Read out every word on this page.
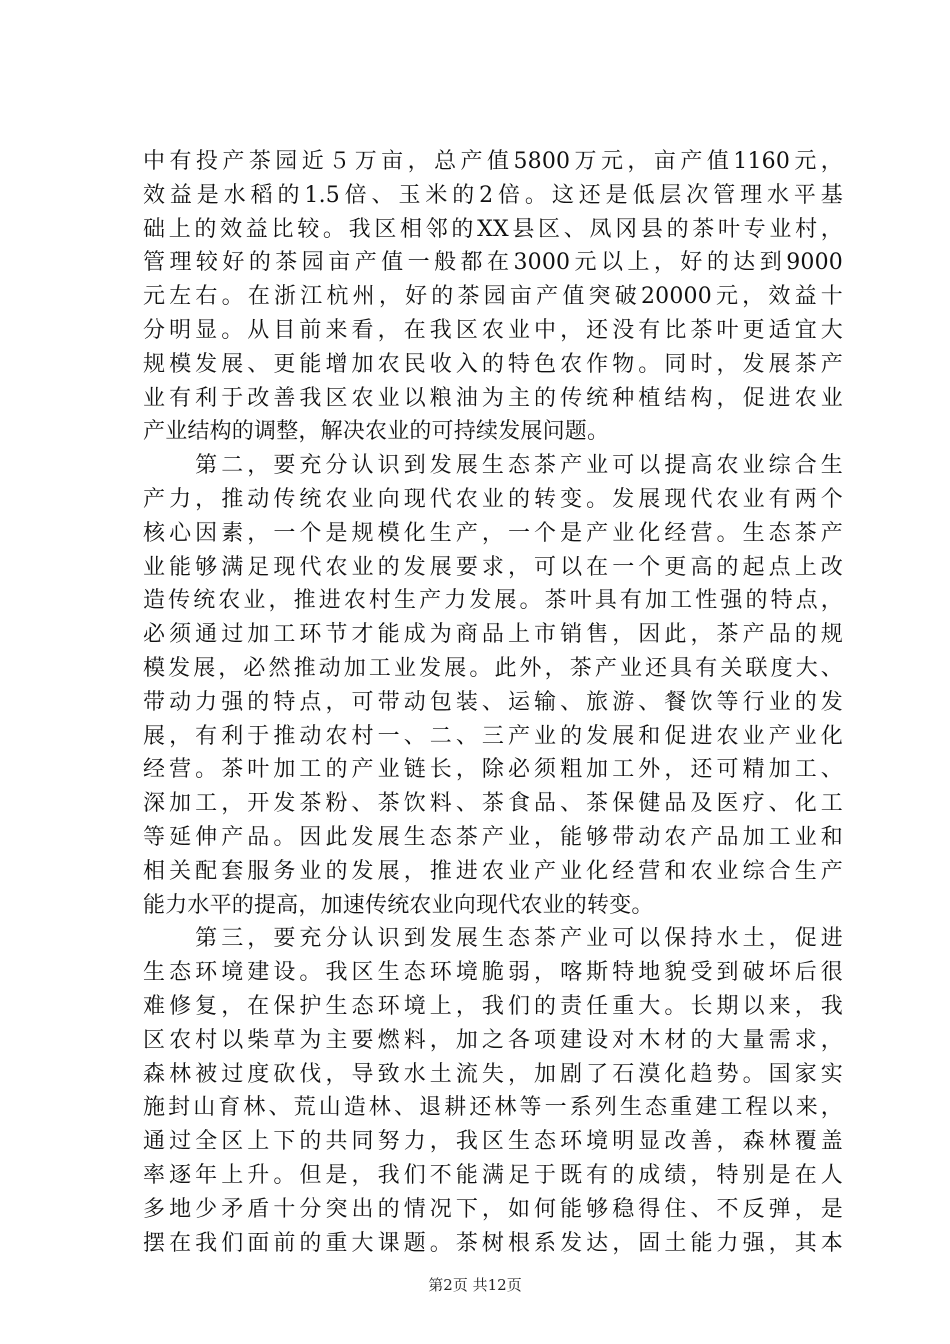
中有投产茶园近５万亩，总产值5800万元，亩产值1160元，
效益是水稻的1.5倍、玉米的2倍。这还是低层次管理水平基
础上的效益比较。我区相邻的XX县区、凤冈县的茶叶专业村，
管理较好的茶园亩产值一般都在3000元以上，好的达到9000
元左右。在浙江杭州，好的茶园亩产值突破20000元，效益十
分明显。从目前来看，在我区农业中，还没有比茶叶更适宜大
规模发展、更能增加农民收入的特色农作物。同时，发展茶产
业有利于改善我区农业以粮油为主的传统种植结构，促进农业
产业结构的调整，解决农业的可持续发展问题。
　　第二，要充分认识到发展生态茶产业可以提高农业综合生
产力，推动传统农业向现代农业的转变。发展现代农业有两个
核心因素，一个是规模化生产，一个是产业化经营。生态茶产
业能够满足现代农业的发展要求，可以在一个更高的起点上改
造传统农业，推进农村生产力发展。茶叶具有加工性强的特点，
必须通过加工环节才能成为商品上市销售，因此，茶产品的规
模发展，必然推动加工业发展。此外，茶产业还具有关联度大、
带动力强的特点，可带动包装、运输、旅游、餐饮等行业的发
展，有利于推动农村一、二、三产业的发展和促进农业产业化
经营。茶叶加工的产业链长，除必须粗加工外，还可精加工、
深加工，开发茶粉、茶饮料、茶食品、茶保健品及医疗、化工
等延伸产品。因此发展生态茶产业，能够带动农产品加工业和
相关配套服务业的发展，推进农业产业化经营和农业综合生产
能力水平的提高，加速传统农业向现代农业的转变。
　　第三，要充分认识到发展生态茶产业可以保持水土，促进
生态环境建设。我区生态环境脆弱，喀斯特地貌受到破坏后很
难修复，在保护生态环境上，我们的责任重大。长期以来，我
区农村以柴草为主要燃料，加之各项建设对木材的大量需求，
森林被过度砍伐，导致水土流失，加剧了石漠化趋势。国家实
施封山育林、荒山造林、退耕还林等一系列生态重建工程以来，
通过全区上下的共同努力，我区生态环境明显改善，森林覆盖
率逐年上升。但是，我们不能满足于既有的成绩，特别是在人
多地少矛盾十分突出的情况下，如何能够稳得住、不反弹，是
摆在我们面前的重大课题。茶树根系发达，固土能力强，其本
第2页 共12页
